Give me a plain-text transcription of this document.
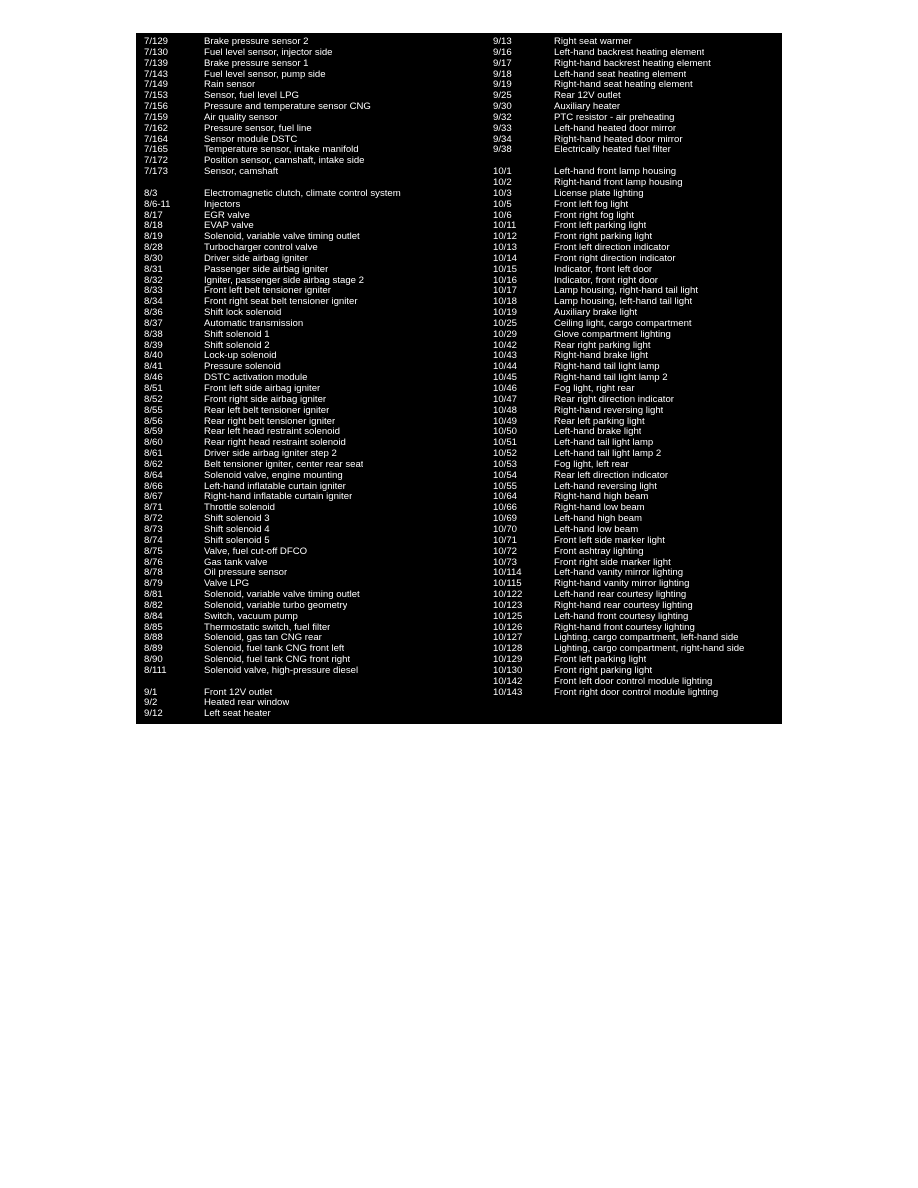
7/129	Brake pressure sensor 2
7/130	Fuel level sensor, injector side
7/139	Brake pressure sensor 1
7/143	Fuel level sensor, pump side
7/149	Rain sensor
7/153	Sensor, fuel level LPG
7/156	Pressure and temperature sensor CNG
7/159	Air quality sensor
7/162	Pressure sensor, fuel line
7/164	Sensor module DSTC
7/165	Temperature sensor, intake manifold
7/172	Position sensor, camshaft, intake side
7/173	Sensor, camshaft
8/3	Electromagnetic clutch, climate control system
8/6-11	Injectors
8/17	EGR valve
8/18	EVAP valve
8/19	Solenoid, variable valve timing outlet
8/28	Turbocharger control valve
8/30	Driver side airbag igniter
8/31	Passenger side airbag igniter
8/32	Igniter, passenger side airbag stage 2
8/33	Front left belt tensioner igniter
8/34	Front right seat belt tensioner igniter
8/36	Shift lock solenoid
8/37	Automatic transmission
8/38	Shift solenoid 1
8/39	Shift solenoid 2
8/40	Lock-up solenoid
8/41	Pressure solenoid
8/46	DSTC activation module
8/51	Front left side airbag igniter
8/52	Front right side airbag igniter
8/55	Rear left belt tensioner igniter
8/56	Rear right belt tensioner igniter
8/59	Rear left head restraint solenoid
8/60	Rear right head restraint solenoid
8/61	Driver side airbag igniter step 2
8/62	Belt tensioner igniter, center rear seat
8/64	Solenoid valve, engine mounting
8/66	Left-hand inflatable curtain igniter
8/67	Right-hand inflatable curtain igniter
8/71	Throttle solenoid
8/72	Shift solenoid 3
8/73	Shift solenoid 4
8/74	Shift solenoid 5
8/75	Valve, fuel cut-off DFCO
8/76	Gas tank valve
8/78	Oil pressure sensor
8/79	Valve LPG
8/81	Solenoid, variable valve timing outlet
8/82	Solenoid, variable turbo geometry
8/84	Switch, vacuum pump
8/85	Thermostatic switch, fuel filter
8/88	Solenoid, gas tan CNG rear
8/89	Solenoid, fuel tank CNG front left
8/90	Solenoid, fuel tank CNG front right
8/111	Solenoid valve, high-pressure diesel
9/1	Front 12V outlet
9/2	Heated rear window
9/12	Left seat heater
9/13	Right seat warmer
9/16	Left-hand backrest heating element
9/17	Right-hand backrest heating element
9/18	Left-hand seat heating element
9/19	Right-hand seat heating element
9/25	Rear 12V outlet
9/30	Auxiliary heater
9/32	PTC resistor - air preheating
9/33	Left-hand heated door mirror
9/34	Right-hand heated door mirror
9/38	Electrically heated fuel filter
10/1	Left-hand front lamp housing
10/2	Right-hand front lamp housing
10/3	License plate lighting
10/5	Front left fog light
10/6	Front right fog light
10/11	Front left parking light
10/12	Front right parking light
10/13	Front left direction indicator
10/14	Front right direction indicator
10/15	Indicator, front left door
10/16	Indicator, front right door
10/17	Lamp housing, right-hand tail light
10/18	Lamp housing, left-hand tail light
10/19	Auxiliary brake light
10/25	Ceiling light, cargo compartment
10/29	Glove compartment lighting
10/42	Rear right parking light
10/43	Right-hand brake light
10/44	Right-hand tail light lamp
10/45	Right-hand tail light lamp 2
10/46	Fog light, right rear
10/47	Rear right direction indicator
10/48	Right-hand reversing light
10/49	Rear left parking light
10/50	Left-hand brake light
10/51	Left-hand tail light lamp
10/52	Left-hand tail light lamp 2
10/53	Fog light, left rear
10/54	Rear left direction indicator
10/55	Left-hand reversing light
10/64	Right-hand high beam
10/66	Right-hand low beam
10/69	Left-hand high beam
10/70	Left-hand low beam
10/71	Front left side marker light
10/72	Front ashtray lighting
10/73	Front right side marker light
10/114	Left-hand vanity mirror lighting
10/115	Right-hand vanity mirror lighting
10/122	Left-hand rear courtesy lighting
10/123	Right-hand rear courtesy lighting
10/125	Left-hand front courtesy lighting
10/126	Right-hand front courtesy lighting
10/127	Lighting, cargo compartment, left-hand side
10/128	Lighting, cargo compartment, right-hand side
10/129	Front left parking light
10/130	Front right parking light
10/142	Front left door control module lighting
10/143	Front right door control module lighting
